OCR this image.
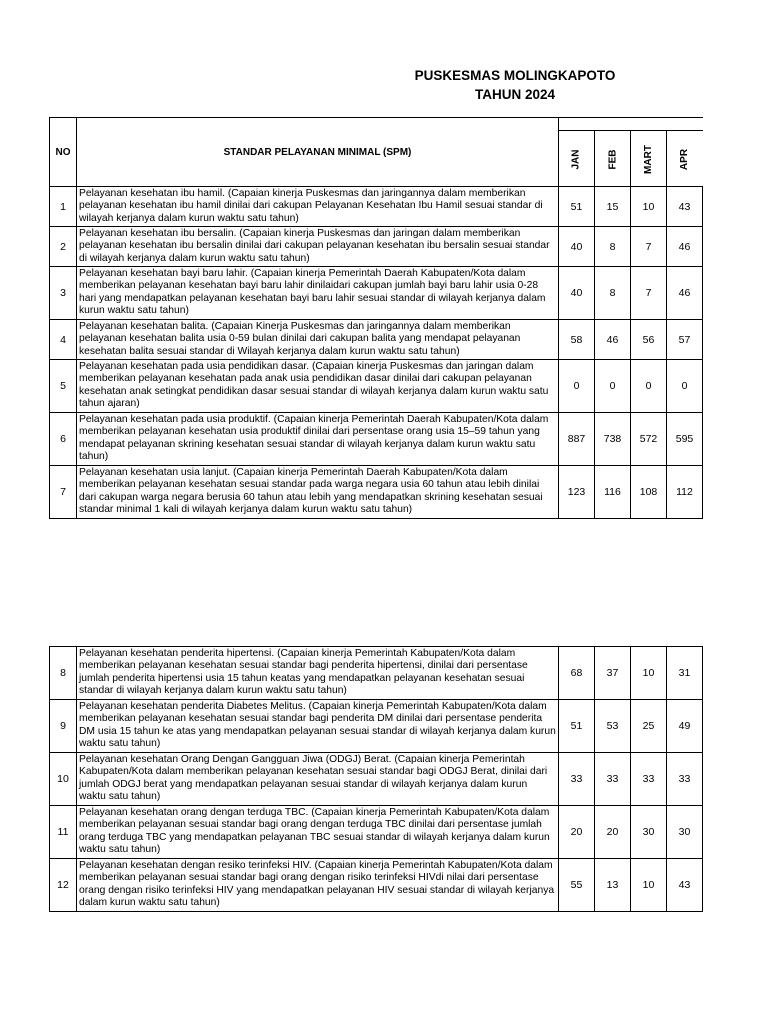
PUSKESMAS MOLINGKAPOTO
TAHUN 2024
NO	STANDAR PELAYANAN MINIMAL (SPM)				
		JAN	FEB	MART	APR
1	Pelayanan kesehatan ibu hamil. (Capaian kinerja Puskesmas dan jaringannya dalam memberikan pelayanan kesehatan ibu hamil dinilai dari cakupan Pelayanan Kesehatan Ibu Hamil sesuai standar di wilayah kerjanya dalam kurun waktu satu tahun)	51	15	10	43
2	Pelayanan kesehatan ibu bersalin. (Capaian kinerja Puskesmas dan jaringan dalam memberikan pelayanan kesehatan ibu bersalin dinilai dari cakupan pelayanan kesehatan ibu bersalin sesuai standar di wilayah kerjanya dalam kurun waktu satu tahun)	40	8	7	46
3	Pelayanan kesehatan bayi baru lahir. (Capaian kinerja Pemerintah Daerah Kabupaten/Kota dalam memberikan pelayanan kesehatan bayi baru lahir dinilaidari cakupan jumlah bayi baru lahir usia 0-28 hari yang mendapatkan pelayanan kesehatan bayi baru lahir sesuai standar di wilayah kerjanya dalam kurun waktu satu tahun)	40	8	7	46
4	Pelayanan kesehatan balita. (Capaian Kinerja Puskesmas dan jaringannya dalam memberikan pelayanan kesehatan balita usia 0-59 bulan dinilai dari cakupan balita yang mendapat pelayanan kesehatan balita sesuai standar di Wilayah kerjanya dalam kurun waktu satu tahun)	58	46	56	57
5	Pelayanan kesehatan pada usia pendidikan dasar. (Capaian kinerja Puskesmas dan jaringan dalam memberikan pelayanan kesehatan pada anak usia pendidikan dasar dinilai dari cakupan pelayanan kesehatan anak setingkat pendidikan dasar sesuai standar di wilayah kerjanya dalam kurun waktu satu tahun ajaran)	0	0	0	0
6	Pelayanan kesehatan pada usia produktif. (Capaian kinerja Pemerintah Daerah Kabupaten/Kota dalam memberikan pelayanan kesehatan usia produktif dinilai dari persentase orang usia 15–59 tahun yang mendapat pelayanan skrining kesehatan sesuai standar di wilayah kerjanya dalam kurun waktu satu tahun)	887	738	572	595
7	Pelayanan kesehatan usia lanjut. (Capaian kinerja Pemerintah Daerah Kabupaten/Kota dalam memberikan pelayanan kesehatan sesuai standar pada warga negara usia 60 tahun atau lebih dinilai dari cakupan warga negara berusia 60 tahun atau lebih yang mendapatkan skrining kesehatan sesuai standar minimal 1 kali di wilayah kerjanya dalam kurun waktu satu tahun)	123	116	108	112
8	Pelayanan kesehatan penderita hipertensi. (Capaian kinerja Pemerintah Kabupaten/Kota dalam memberikan pelayanan kesehatan sesuai standar bagi penderita hipertensi, dinilai dari persentase jumlah penderita hipertensi usia 15 tahun keatas yang mendapatkan pelayanan kesehatan sesuai standar di wilayah kerjanya dalam kurun waktu satu tahun)	68	37	10	31
9	Pelayanan kesehatan penderita Diabetes Melitus. (Capaian kinerja Pemerintah Kabupaten/Kota dalam memberikan pelayanan kesehatan sesuai standar bagi penderita DM dinilai dari persentase penderita DM usia 15 tahun ke atas yang mendapatkan pelayanan sesuai standar di wilayah kerjanya dalam kurun waktu satu tahun)	51	53	25	49
10	Pelayanan kesehatan Orang Dengan Gangguan Jiwa (ODGJ) Berat. (Capaian kinerja Pemerintah Kabupaten/Kota dalam memberikan pelayanan kesehatan sesuai standar bagi ODGJ Berat, dinilai dari jumlah ODGJ berat yang mendapatkan pelayanan sesuai standar di wilayah kerjanya dalam kurun waktu satu tahun)	33	33	33	33
11	Pelayanan kesehatan orang dengan terduga TBC. (Capaian kinerja Pemerintah Kabupaten/Kota dalam memberikan pelayanan sesuai standar bagi orang dengan terduga TBC dinilai dari persentase jumlah orang terduga TBC yang mendapatkan pelayanan TBC sesuai standar di wilayah kerjanya dalam kurun waktu satu tahun)	20	20	30	30
12	Pelayanan kesehatan dengan resiko terinfeksi HIV. (Capaian kinerja Pemerintah Kabupaten/Kota dalam memberikan pelayanan sesuai standar bagi orang dengan risiko terinfeksi HIVdi nilai dari persentase orang dengan risiko terinfeksi HIV yang mendapatkan pelayanan HIV sesuai standar di wilayah kerjanya dalam kurun waktu satu tahun)	55	13	10	43
